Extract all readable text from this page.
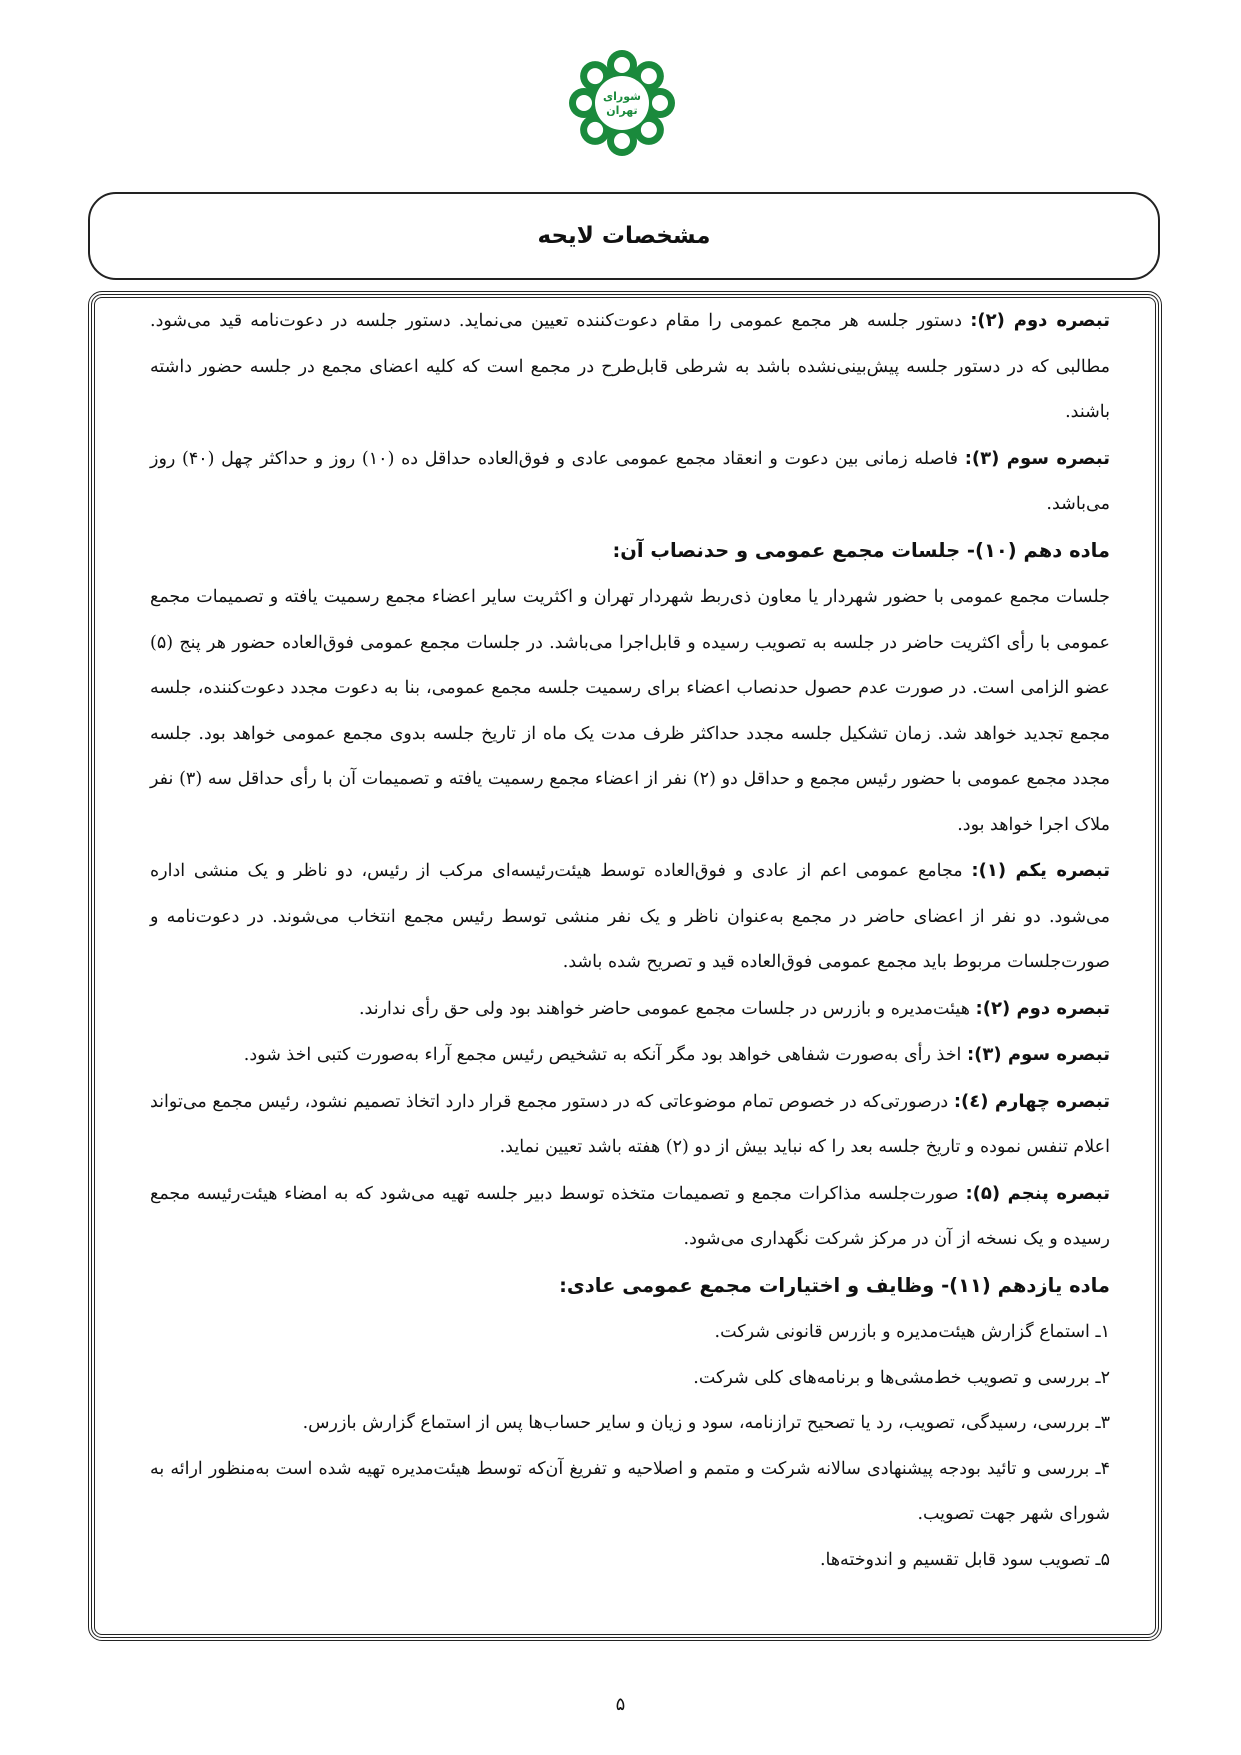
شورای
تهران
مشخصات لایحه

تبصره دوم (۲): دستور جلسه هر مجمع عمومی را مقام دعوت‌کننده تعیین می‌نماید. دستور جلسه در دعوت‌نامه قید می‌شود. مطالبی که در دستور جلسه پیش‌بینی‌نشده باشد به شرطی قابل‌طرح در مجمع است که کلیه اعضای مجمع در جلسه حضور داشته باشند.

تبصره سوم (۳): فاصله زمانی بین دعوت و انعقاد مجمع عمومی عادی و فوق‌العاده حداقل ده (۱۰) روز و حداکثر چهل (۴۰) روز می‌باشد.

ماده دهم (۱۰)- جلسات مجمع عمومی و حدنصاب آن:

جلسات مجمع عمومی با حضور شهردار یا معاون ذی‌ربط شهردار تهران و اکثریت سایر اعضاء مجمع رسمیت یافته و تصمیمات مجمع عمومی با رأی اکثریت حاضر در جلسه به تصویب رسیده و قابل‌اجرا می‌باشد. در جلسات مجمع عمومی فوق‌العاده حضور هر پنج (۵) عضو الزامی است. در صورت عدم حصول حدنصاب اعضاء برای رسمیت جلسه مجمع عمومی، بنا به دعوت مجدد دعوت‌کننده، جلسه مجمع تجدید خواهد شد. زمان تشکیل جلسه مجدد حداکثر ظرف مدت یک ماه از تاریخ جلسه بدوی مجمع عمومی خواهد بود. جلسه مجدد مجمع عمومی با حضور رئیس مجمع و حداقل دو (۲) نفر از اعضاء مجمع رسمیت یافته و تصمیمات آن با رأی حداقل سه (۳) نفر ملاک اجرا خواهد بود.

تبصره یکم (۱): مجامع عمومی اعم از عادی و فوق‌العاده توسط هیئت‌رئیسه‌ای مرکب از رئیس، دو ناظر و یک منشی اداره می‌شود. دو نفر از اعضای حاضر در مجمع به‌عنوان ناظر و یک نفر منشی توسط رئیس مجمع انتخاب می‌شوند. در دعوت‌نامه و صورت‌جلسات مربوط باید مجمع عمومی فوق‌العاده قید و تصریح شده باشد.

تبصره دوم (۲): هیئت‌مدیره و بازرس در جلسات مجمع عمومی حاضر خواهند بود ولی حق رأی ندارند.

تبصره سوم (۳): اخذ رأی به‌صورت شفاهی خواهد بود مگر آنکه به تشخیص رئیس مجمع آراء به‌صورت کتبی اخذ شود.

تبصره چهارم (٤): درصورتی‌که در خصوص تمام موضوعاتی که در دستور مجمع قرار دارد اتخاذ تصمیم نشود، رئیس مجمع می‌تواند اعلام تنفس نموده و تاریخ جلسه بعد را که نباید بیش از دو (۲) هفته باشد تعیین نماید.

تبصره پنجم (۵): صورت‌جلسه مذاکرات مجمع و تصمیمات متخذه توسط دبیر جلسه تهیه می‌شود که به امضاء هیئت‌رئیسه مجمع رسیده و یک نسخه از آن در مرکز شرکت نگهداری می‌شود.

ماده یازدهم (۱۱)- وظایف و اختیارات مجمع عمومی عادی:

۱ـ استماع گزارش هیئت‌مدیره و بازرس قانونی شرکت.

۲ـ بررسی و تصویب خط‌مشی‌ها و برنامه‌های کلی شرکت.

۳ـ بررسی، رسیدگی، تصویب، رد یا تصحیح ترازنامه، سود و زیان و سایر حساب‌ها پس از استماع گزارش بازرس.

۴ـ بررسی و تائید بودجه پیشنهادی سالانه شرکت و متمم و اصلاحیه و تفریغ آن‌که توسط هیئت‌مدیره تهیه شده است به‌منظور ارائه به شورای شهر جهت تصویب.

۵ـ تصویب سود قابل تقسیم و اندوخته‌ها.

۵
